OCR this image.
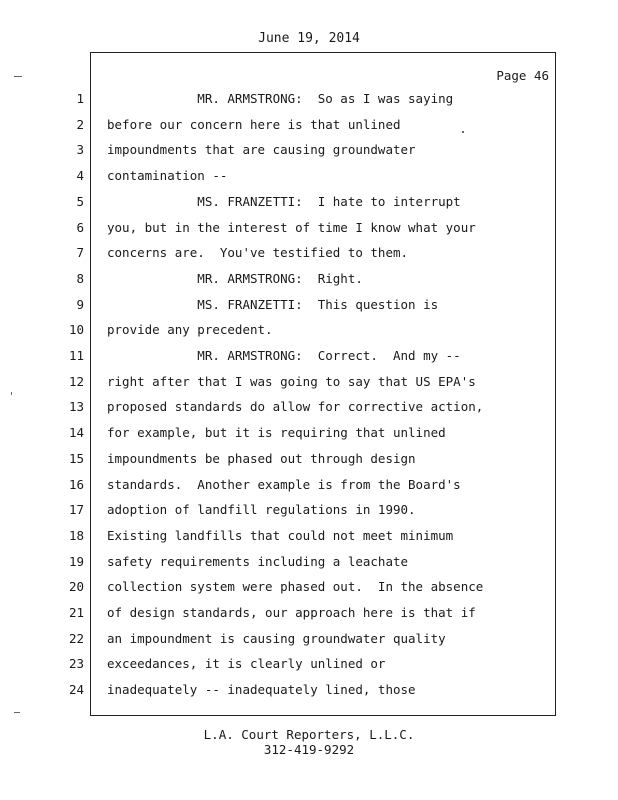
June 19, 2014
Page 46
1 MR. ARMSTRONG:  So as I was saying
2 before our concern here is that unlined
3 impoundments that are causing groundwater
4 contamination --
5 MS. FRANZETTI:  I hate to interrupt
6 you, but in the interest of time I know what your
7 concerns are.  You've testified to them.
8 MR. ARMSTRONG:  Right.
9 MS. FRANZETTI:  This question is
10 provide any precedent.
11 MR. ARMSTRONG:  Correct.  And my --
12 right after that I was going to say that US EPA's
13 proposed standards do allow for corrective action,
14 for example, but it is requiring that unlined
15 impoundments be phased out through design
16 standards.  Another example is from the Board's
17 adoption of landfill regulations in 1990.
18 Existing landfills that could not meet minimum
19 safety requirements including a leachate
20 collection system were phased out.  In the absence
21 of design standards, our approach here is that if
22 an impoundment is causing groundwater quality
23 exceedances, it is clearly unlined or
24 inadequately -- inadequately lined, those
L.A. Court Reporters, L.L.C.
312-419-9292
